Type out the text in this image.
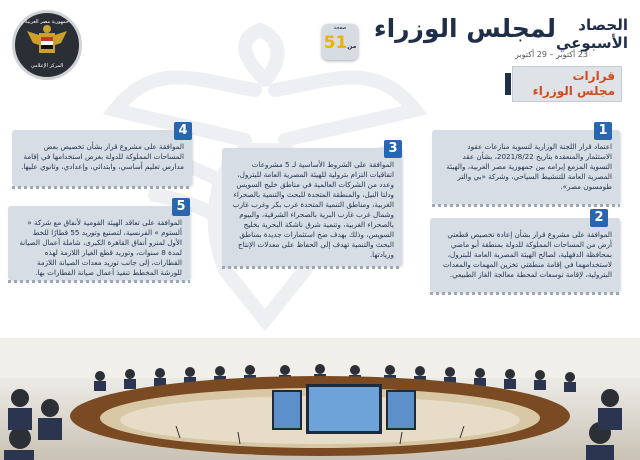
جمهورية مصر العربية
المركز الإعلامي
الحصاد
الأسبوعي
لمجلس الوزراء
23 أكتوبر – 29 أكتوبر
صفحة
5 من1
قرارات
مجلس الوزراء
اعتماد قرار اللجنة الوزارية لتسوية منازعات عقود الاستثمار والمنعقدة بتاريخ 2021/8/22، بشأن عقد التسوية المزمع إبرامه بين جمهورية مصر العربية، والهيئة المصرية العامة للتنشيط السياحي، وشركة «بي والتر طومسون مصر».
1
الموافقة على مشروع قرار بشأن إعادة تخصيص قطعتي أرض من المساحات المملوكة للدولة بمنطقة أبو ماضي بمحافظة الدقهلية، لصالح الهيئة المصرية العامة للبترول، لاستخدامهما في إقامة منطقتي تخزين المهمات والمعدات البترولية، لإقامة توسعات لمحطة معالجة الغاز الطبيعي.
2
الموافقة على الشروط الأساسية لـ 5 مشروعات اتفاقيات التزام بترولية للهيئة المصرية العامة للبترول، وعدد من الشركات العالمية في مناطق خليج السويس ودلتا النيل، والمنطقة المتحدة للبحث والتنمية بالصحراء الغربية، ومناطق التنمية المتحدة غرب بكر وغرب غارب وشمال غرب غارب البرية بالصحراء الشرقية، والبيوم بالصحراء الغربية، وتنمية شرق ناشكة البحرية بخليج السويس، وذلك بهدف ضخ استثمارات جديدة بمناطق البحث والتنمية تهدف إلى الحفاظ على معدلات الإنتاج وزيادتها.
3
الموافقة على مشروع قرار بشأن تخصيص بعض المساحات المملوكة للدولة بغرض استخدامها في إقامة مدارس تعليم أساسي، وابتدائي، وإعدادي، وثانوي عليها.
4
الموافقة على تعاقد الهيئة القومية لأنفاق مع شركة « ألستوم » الفرنسية، لتصنيع وتوريد 55 قطارًا للخط الأول لمترو أنفاق القاهرة الكبرى، شاملة أعمال الصيانة لمدة 8 سنوات، وتوريد قطع الغيار اللازمة لهذه القطارات، إلى جانب توريد معدات الصيانة اللازمة للورشة المخطط تنفيذ أعمال صيانة القطارات بها.
5
